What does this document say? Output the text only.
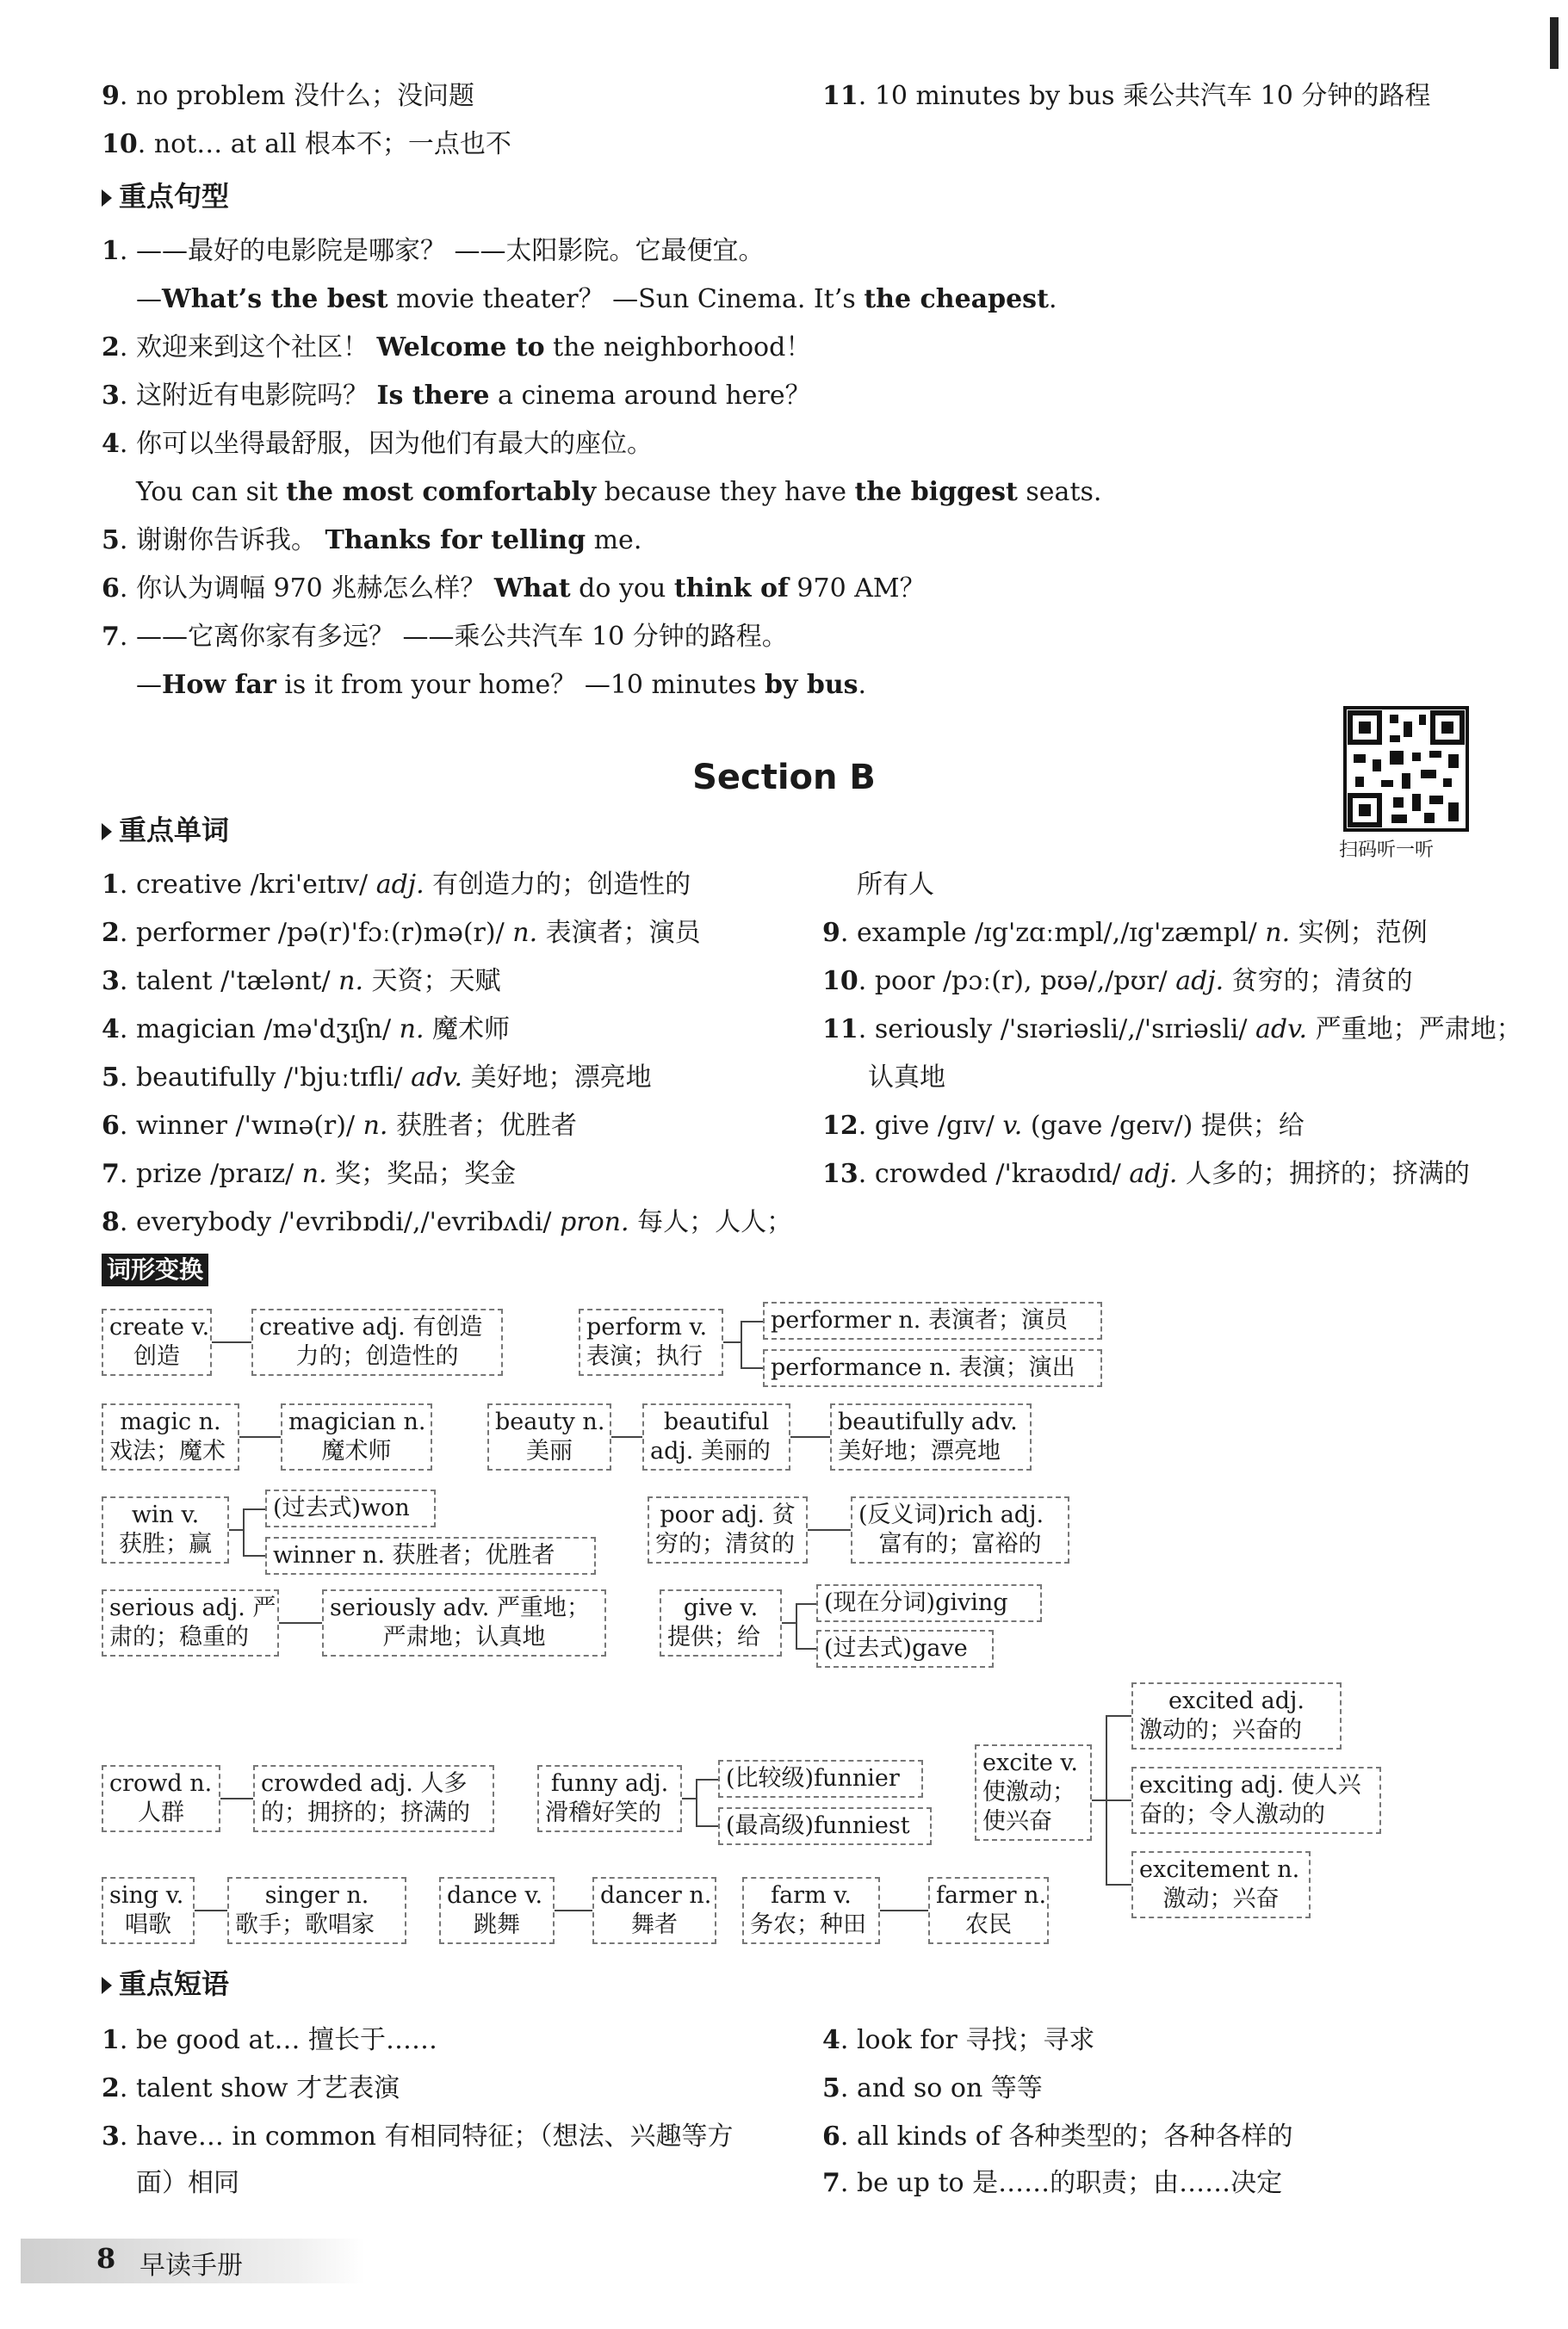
9. no problem 没什么；没问题	11. 10 minutes by bus 乘公共汽车 10 分钟的路程
10. not… at all 根本不；一点也不
重点句型
1. ——最好的电影院是哪家？ ——太阳影院。它最便宜。
—What’s the best movie theater？ —Sun Cinema. It’s the cheapest.
2. 欢迎来到这个社区！ Welcome to the neighborhood！
3. 这附近有电影院吗？ Is there a cinema around here？
4. 你可以坐得最舒服，因为他们有最大的座位。
You can sit the most comfortably because they have the biggest seats.
5. 谢谢你告诉我。 Thanks for telling me.
6. 你认为调幅 970 兆赫怎么样？ What do you think of 970 AM？
7. ——它离你家有多远？ ——乘公共汽车 10 分钟的路程。
—How far is it from your home？ —10 minutes by bus.
Section B
扫码听一听
重点单词
1. creative /kri'eɪtɪv/ adj. 有创造力的；创造性的
2. performer /pə(r)'fɔː(r)mə(r)/ n. 表演者；演员
3. talent /'tælənt/ n. 天资；天赋
4. magician /mə'dʒɪʃn/ n. 魔术师
5. beautifully /'bjuːtɪfli/ adv. 美好地；漂亮地
6. winner /'wɪnə(r)/ n. 获胜者；优胜者
7. prize /praɪz/ n. 奖；奖品；奖金
8. everybody /'evribɒdi/,/'evribʌdi/ pron. 每人；人人；
所有人
9. example /ɪg'zɑːmpl/,/ɪg'zæmpl/ n. 实例；范例
10. poor /pɔː(r), pʊə/,/pʊr/ adj. 贫穷的；清贫的
11. seriously /'sɪəriəsli/,/'sɪriəsli/ adv. 严重地；严肃地；
认真地
12. give /gɪv/ v. (gave /geɪv/) 提供；给
13. crowded /'kraʊdɪd/ adj. 人多的；拥挤的；挤满的
词形变换
create v.
创造
creative adj. 有创造
力的；创造性的
perform v.
表演；执行
performer n. 表演者；演员
performance n. 表演；演出
magic n.
戏法；魔术
magician n.
魔术师
beauty n.
美丽
beautiful
adj. 美丽的
beautifully adv.
美好地；漂亮地
win v.
获胜；赢
(过去式)won
winner n. 获胜者；优胜者
poor adj. 贫
穷的；清贫的
(反义词)rich adj.
富有的；富裕的
serious adj. 严
肃的；稳重的
seriously adv. 严重地；
严肃地；认真地
give v.
提供；给
(现在分词)giving
(过去式)gave
excite v.
使激动；
使兴奋
excited adj.
激动的；兴奋的
exciting adj. 使人兴
奋的；令人激动的
excitement n.
激动；兴奋
crowd n.
人群
crowded adj. 人多
的；拥挤的；挤满的
funny adj.
滑稽好笑的
(比较级)funnier
(最高级)funniest
sing v.
唱歌
singer n.
歌手；歌唱家
dance v.
跳舞
dancer n.
舞者
farm v.
务农；种田
farmer n.
农民
重点短语
1. be good at… 擅长于……
2. talent show 才艺表演
3. have… in common 有相同特征；（想法、兴趣等方
面）相同
4. look for 寻找；寻求
5. and so on 等等
6. all kinds of 各种类型的；各种各样的
7. be up to 是……的职责；由……决定
8 早读手册
